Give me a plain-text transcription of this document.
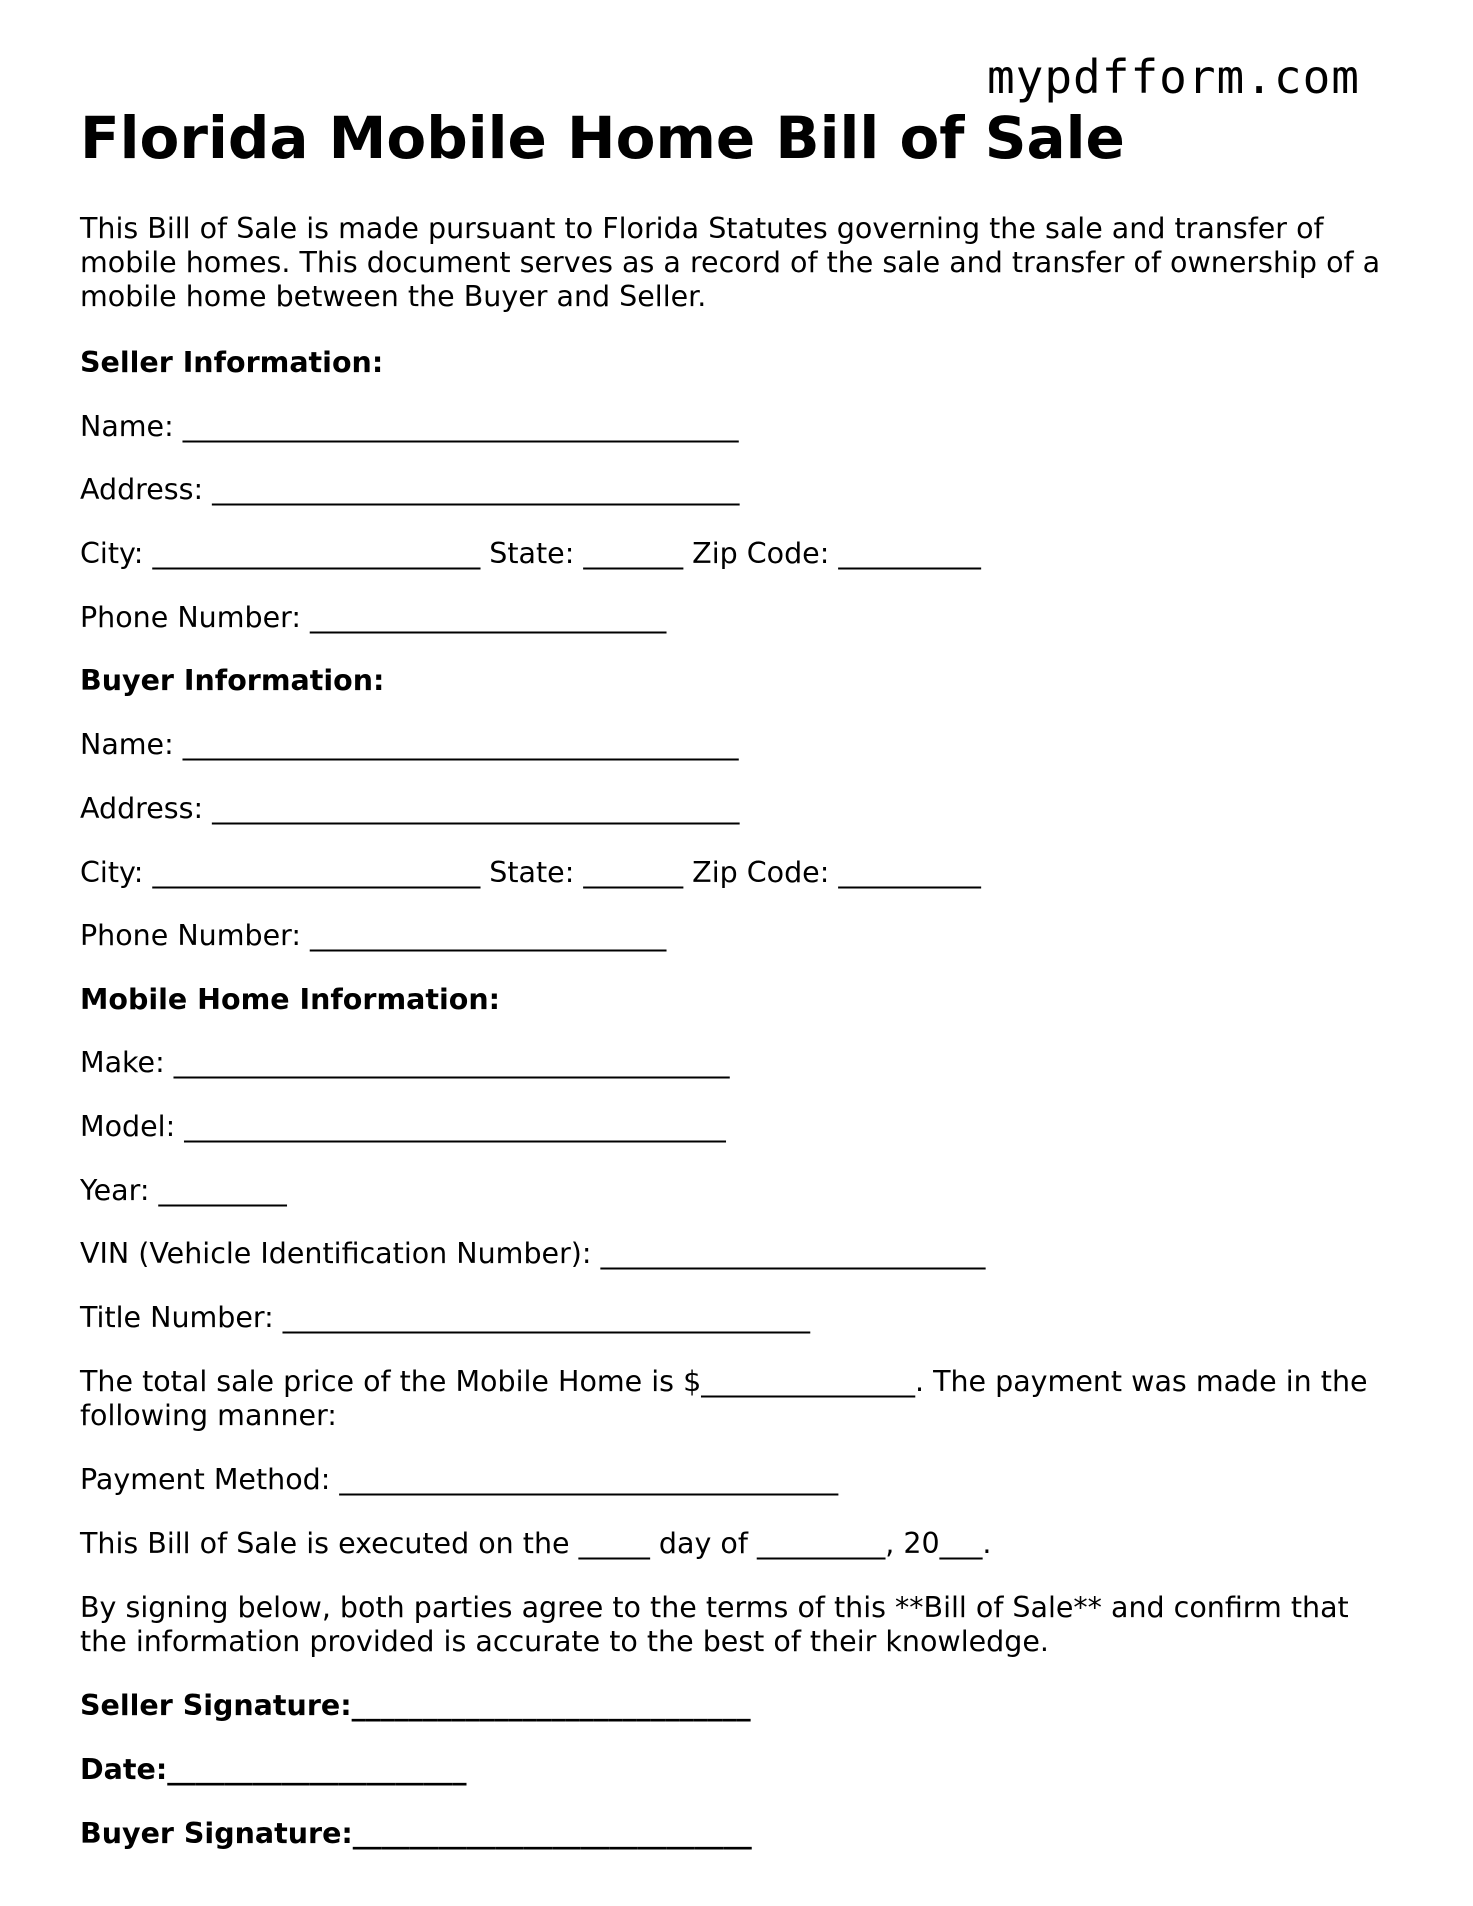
mypdfform.com
Florida Mobile Home Bill of Sale

This Bill of Sale is made pursuant to Florida Statutes governing the sale and transfer of mobile homes. This document serves as a record of the sale and transfer of ownership of a mobile home between the Buyer and Seller.

Seller Information:
Name: _______________________________________
Address: _____________________________________
City: _______________________ State: _______ Zip Code: __________
Phone Number: _________________________
Buyer Information:
Name: _______________________________________
Address: _____________________________________
City: _______________________ State: _______ Zip Code: __________
Phone Number: _________________________
Mobile Home Information:
Make: _______________________________________
Model: ______________________________________
Year: _________
VIN (Vehicle Identification Number): ___________________________
Title Number: _____________________________________

The total sale price of the Mobile Home is $_______________. The payment was made in the following manner:

Payment Method: ___________________________________
This Bill of Sale is executed on the _____ day of _________, 20___.

By signing below, both parties agree to the terms of this **Bill of Sale** and confirm that the information provided is accurate to the best of their knowledge.

Seller Signature:____________________________
Date:_____________________
Buyer Signature:____________________________
